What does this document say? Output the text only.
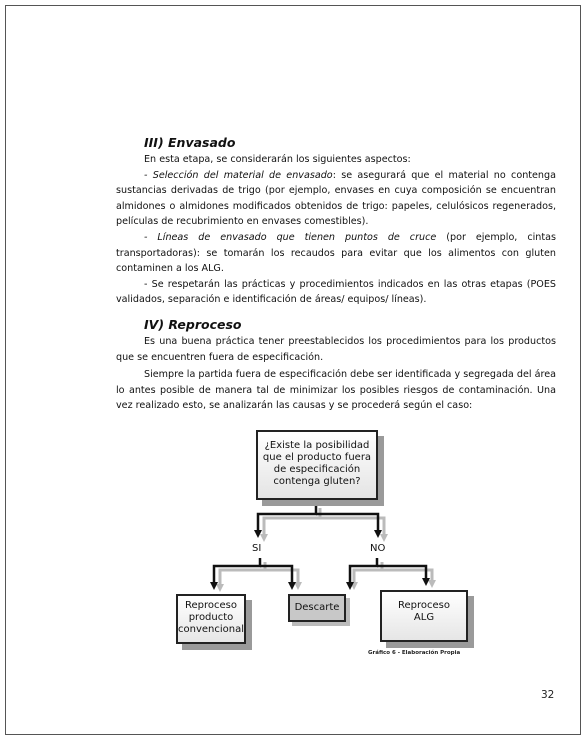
III) Envasado

En esta etapa, se considerarán los siguientes aspectos:

- Selección del material de envasado: se asegurará que el material no contenga sustancias derivadas de trigo (por ejemplo, envases en cuya composición se encuentran almidones o almidones modificados obtenidos de trigo: papeles, celulósicos regenerados, películas de recubrimiento en envases comestibles).

- Líneas de envasado que tienen puntos de cruce (por ejemplo, cintas transportadoras): se tomarán los recaudos para evitar que los alimentos con gluten contaminen a los ALG.

- Se respetarán las prácticas y procedimientos indicados en las otras etapas (POES validados, separación e identificación de áreas/ equipos/ líneas).

IV) Reproceso

Es una buena práctica tener preestablecidos los procedimientos para los productos que se encuentren fuera de especificación.

Siempre la partida fuera de especificación debe ser identificada y segregada del área lo antes posible de manera tal de minimizar los posibles riesgos de contaminación. Una vez realizado esto, se analizarán las causas y se procederá según el caso:

¿Existe la posibilidad
que el producto fuera
de especificación
contenga gluten?
SI	NO
Reproceso
producto
convencional
Descarte	Reproceso
ALG
Gráfico 6 - Elaboración Propia
32
